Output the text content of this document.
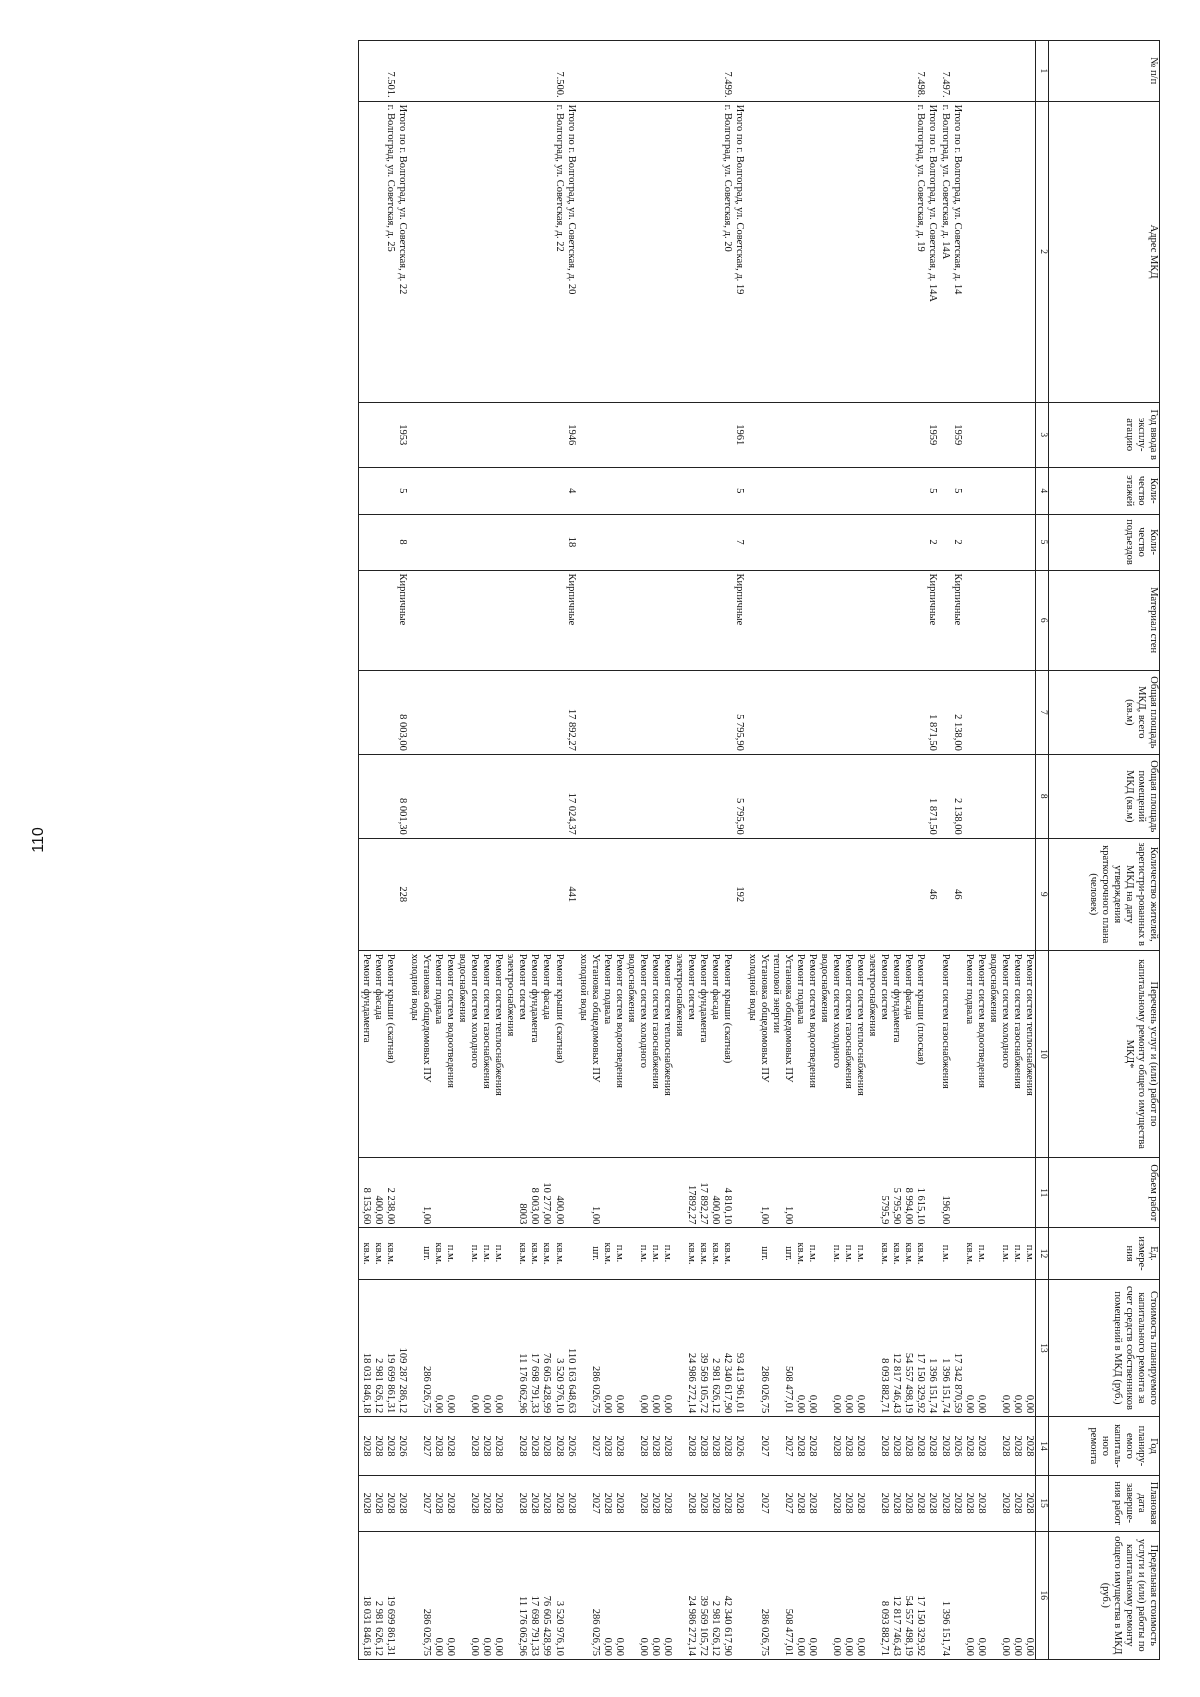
110
№ п/п	Адрес МКД	Год ввода в эксплу-атацию	Коли-чество этажей	Коли-чество подъездов	Материал стен	Общая площадь МКД, всего (кв.м)	Общая площадь помещений МКД (кв.м)	Количество жителей, зарегистри-рованных в МКД на дату утверждения краткосрочного плана (человек)	Перечень услуг и (или) работ по капитальному ремонту общего имущества МКД*	Объем работ	Ед. измере-ния	Стоимость планируемого капитального ремонта за счет средств собственников помещений в МКД (руб.)	Год планиру-емого капиталь-ного ремонта	Плановая дата заверше-ния работ	Предельная стоимость услуги и (или) работы по капитальному ремонту общего имущества в МКД (руб.)
1	2	3	4	5	6	7	8	9	10	11	12	13	14	15	16
									Ремонт систем теплоснабжения		п.м.	0,00	2028	2028	0,00
									Ремонт систем газоснабжения		п.м.	0,00	2028	2028	0,00
									Ремонт систем холодного		п.м.	0,00	2028	2028	0,00
									водоснабжения						
									Ремонт систем водоотведения		п.м.	0,00	2028	2028	0,00
									Ремонт подвала		кв.м.	0,00	2028	2028	0,00
	Итого по г. Волгоград, ул. Советская, д. 14	1959	5	2	Кирпичные	2 138,00	2 138,00	46				17 342 870,59	2026	2028	
7.497.	г. Волгоград, ул. Советская, д. 14А								Ремонт систем газоснабжения	196,00	п.м.	1 396 151,74	2028	2028	1 396 151,74
	Итого по г. Волгоград, ул. Советская, д. 14А	1959	5	2	Кирпичные	1 871,50	1 871,50	46				1 396 151,74	2028	2028	
7.498.	г. Волгоград, ул. Советская, д. 19								Ремонт крыши (плоская)	1 615,10	кв.м.	17 150 329,92	2028	2028	17 150 329,92
									Ремонт фасада	8 994,00	кв.м.	54 557 498,19	2028	2028	54 557 498,19
									Ремонт фундамента	5 795,90	кв.м.	12 817 746,43	2028	2028	12 817 746,43
									Ремонт систем	5795,9	кв.м.	8 093 882,71	2028	2028	8 093 882,71
									электроснабжения						
									Ремонт систем теплоснабжения		п.м.	0,00	2028	2028	0,00

									Ремонт систем газоснабжения		п.м.	0,00	2028	2028	0,00
									Ремонт систем холодного		п.м.	0,00	2028	2028	0,00
									водоснабжения						
									Ремонт систем водоотведения		п.м.	0,00	2028	2028	0,00
									Ремонт подвала		кв.м.	0,00	2028	2028	0,00
									Установка общедомовых ПУ	1,00	шт.	508 477,01	2027	2027	508 477,01
									тепловой энергии						
									Установка общедомовых ПУ	1,00	шт.	286 026,75	2027	2027	286 026,75
									холодной воды						
	Итого по г. Волгоград, ул. Советская, д. 19	1961	5	7	Кирпичные	5 795,90	5 795,90	192				93 413 961,01	2026	2028	
7.499.	г. Волгоград, ул. Советская, д. 20								Ремонт крыши (скатная)	4 810,10	кв.м.	42 340 617,90	2028	2028	42 340 617,90
									Ремонт фасада	400,00	кв.м.	2 981 626,12	2028	2028	2 981 626,12
									Ремонт фундамента	17 892,27	кв.м.	39 569 105,72	2028	2028	39 569 105,72
									Ремонт систем	17892,27	кв.м.	24 986 272,14	2028	2028	24 986 272,14
									электроснабжения						
									Ремонт систем теплоснабжения		п.м.	0,00	2028	2028	0,00

									Ремонт систем газоснабжения		п.м.	0,00	2028	2028	0,00
									Ремонт систем холодного		п.м.	0,00	2028	2028	0,00
									водоснабжения						
									Ремонт систем водоотведения		п.м.	0,00	2028	2028	0,00
									Ремонт подвала		кв.м.	0,00	2028	2028	0,00
									Установка общедомовых ПУ	1,00	шт.	286 026,75	2027	2027	286 026,75
									холодной воды						
	Итого по г. Волгоград, ул. Советская, д. 20	1946	4	18	Кирпичные	17 892,27	17 024,37	441				110 163 648,63	2026	2028	
7.500.	г. Волгоград, ул. Советская, д. 22								Ремонт крыши (скатная)	400,00	кв.м.	3 520 976,10	2028	2028	3 520 976,10
									Ремонт фасада	10 277,00	кв.м.	76 605 428,99	2028	2028	76 605 428,99
									Ремонт фундамента	8 003,00	кв.м.	17 698 791,33	2028	2028	17 698 791,33
									Ремонт систем	8003	кв.м.	11 176 062,96	2028	2028	11 176 062,96
									электроснабжения						
									Ремонт систем теплоснабжения		п.м.	0,00	2028	2028	0,00

									Ремонт систем газоснабжения		п.м.	0,00	2028	2028	0,00
									Ремонт систем холодного		п.м.	0,00	2028	2028	0,00
									водоснабжения						
									Ремонт систем водоотведения		п.м.	0,00	2028	2028	0,00
									Ремонт подвала		кв.м.	0,00	2028	2028	0,00
									Установка общедомовых ПУ	1,00	шт.	286 026,75	2027	2027	286 026,75
									холодной воды						
	Итого по г. Волгоград, ул. Советская, д. 22	1953	5	8	Кирпичные	8 003,00	8 001,30	228				109 287 286,12	2026	2028	
7.501.	г. Волгоград, ул. Советская, д. 25								Ремонт крыши (скатная)	2 238,00	кв.м.	19 699 861,31	2028	2028	19 699 861,31
									Ремонт фасада	400,00	кв.м.	2 981 626,12	2028	2028	2 981 626,12
									Ремонт фундамента	8 153,60	кв.м.	18 031 846,18	2028	2028	18 031 846,18
